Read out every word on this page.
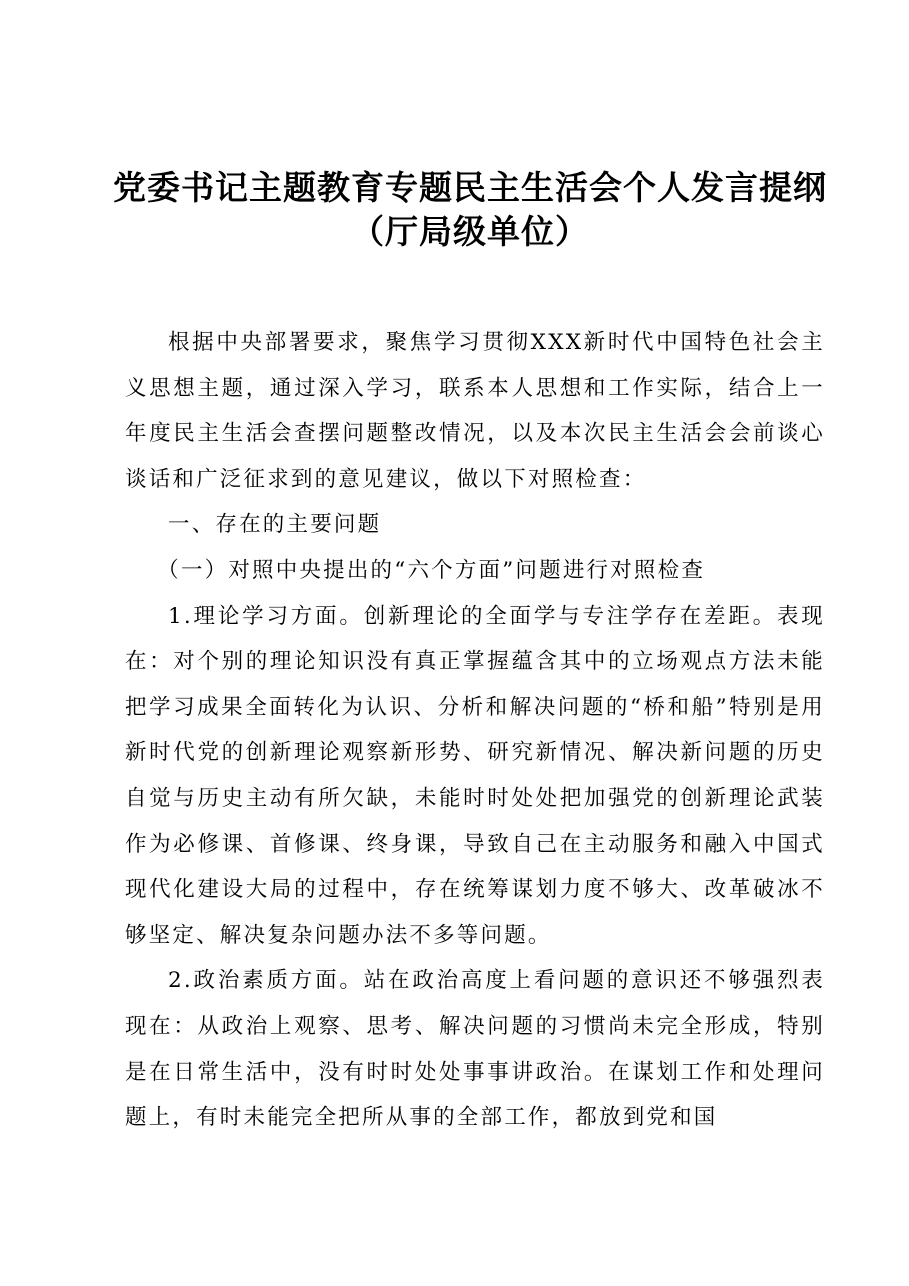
党委书记主题教育专题民主生活会个人发言提纲
（厅局级单位）

根据中央部署要求，聚焦学习贯彻XXX新时代中国特色社会主义思想主题，通过深入学习，联系本人思想和工作实际，结合上一年度民主生活会查摆问题整改情况，以及本次民主生活会会前谈心谈话和广泛征求到的意见建议，做以下对照检查：

一、存在的主要问题

（一）对照中央提出的“六个方面”问题进行对照检查

1.理论学习方面。创新理论的全面学与专注学存在差距。表现在：对个别的理论知识没有真正掌握蕴含其中的立场观点方法未能把学习成果全面转化为认识、分析和解决问题的“桥和船”特别是用新时代党的创新理论观察新形势、研究新情况、解决新问题的历史自觉与历史主动有所欠缺，未能时时处处把加强党的创新理论武装作为必修课、首修课、终身课，导致自己在主动服务和融入中国式现代化建设大局的过程中，存在统筹谋划力度不够大、改革破冰不够坚定、解决复杂问题办法不多等问题。

2.政治素质方面。站在政治高度上看问题的意识还不够强烈表现在：从政治上观察、思考、解决问题的习惯尚未完全形成，特别是在日常生活中，没有时时处处事事讲政治。在谋划工作和处理问题上，有时未能完全把所从事的全部工作，都放到党和国
